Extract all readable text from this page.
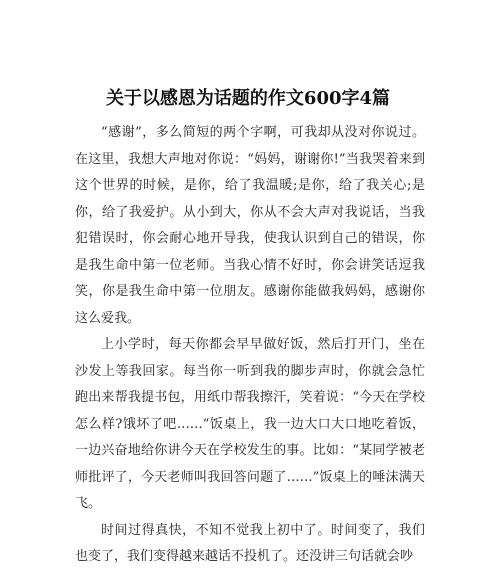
关于以感恩为话题的作文600字4篇

“感谢”，多么简短的两个字啊，可我却从没对你说过。在这里，我想大声地对你说：“妈妈，谢谢你!”当我哭着来到这个世界的时候，是你，给了我温暖;是你，给了我关心;是你，给了我爱护。从小到大，你从不会大声对我说话，当我犯错误时，你会耐心地开导我，使我认识到自己的错误，你是我生命中第一位老师。当我心情不好时，你会讲笑话逗我笑，你是我生命中第一位朋友。感谢你能做我妈妈，感谢你这么爱我。

上小学时，每天你都会早早做好饭，然后打开门，坐在沙发上等我回家。每当你一听到我的脚步声时，你就会急忙跑出来帮我提书包，用纸巾帮我擦汗，笑着说：“今天在学校怎么样?饿坏了吧……”饭桌上，我一边大口大口地吃着饭，一边兴奋地给你讲今天在学校发生的事。比如：“某同学被老师批评了，今天老师叫我回答问题了……”饭桌上的唾沫满天飞。

时间过得真快，不知不觉我上初中了。时间变了，我们也变了，我们变得越来越话不投机了。还没讲三句话就会吵
